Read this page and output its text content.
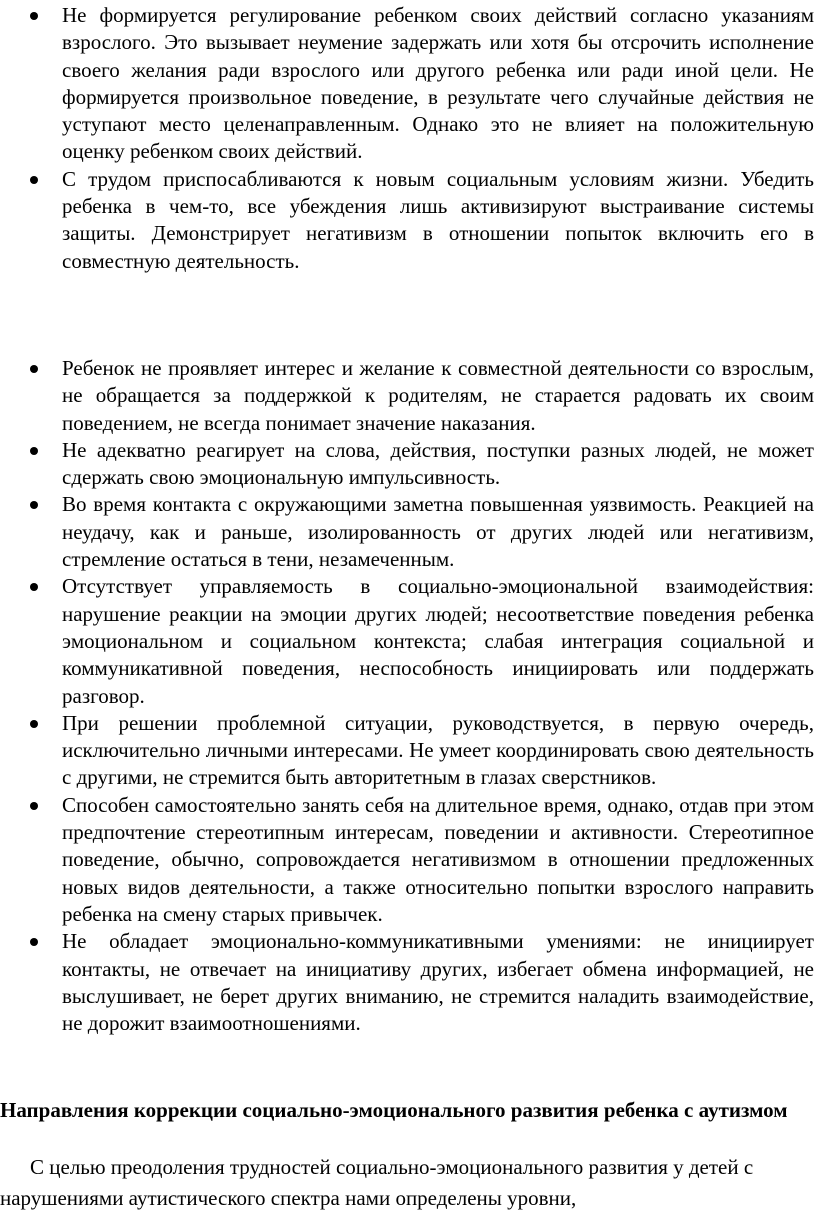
Не формируется регулирование ребенком своих действий согласно указаниям взрослого. Это вызывает неумение задержать или хотя бы отсрочить исполнение своего желания ради взрослого или другого ребенка или ради иной цели. Не формируется произвольное поведение, в результате чего случайные действия не уступают место целенаправленным. Однако это не влияет на положительную оценку ребенком своих действий.
С трудом приспосабливаются к новым социальным условиям жизни. Убедить ребенка в чем-то, все убеждения лишь активизируют выстраивание системы защиты. Демонстрирует негативизм в отношении попыток включить его в совместную деятельность.
Ребенок не проявляет интерес и желание к совместной деятельности со взрослым, не обращается за поддержкой к родителям, не старается радовать их своим поведением, не всегда понимает значение наказания.
Не адекватно реагирует на слова, действия, поступки разных людей, не может сдержать свою эмоциональную импульсивность.
Во время контакта с окружающими заметна повышенная уязвимость. Реакцией на неудачу, как и раньше, изолированность от других людей или негативизм, стремление остаться в тени, незамеченным.
Отсутствует управляемость в социально-эмоциональной взаимодействия: нарушение реакции на эмоции других людей; несоответствие поведения ребенка эмоциональном и социальном контекста; слабая интеграция социальной и коммуникативной поведения, неспособность инициировать или поддержать разговор.
При решении проблемной ситуации, руководствуется, в первую очередь, исключительно личными интересами. Не умеет координировать свою деятельность с другими, не стремится быть авторитетным в глазах сверстников.
Способен самостоятельно занять себя на длительное время, однако, отдав при этом предпочтение стереотипным интересам, поведении и активности. Стереотипное поведение, обычно, сопровождается негативизмом в отношении предложенных новых видов деятельности, а также относительно попытки взрослого направить ребенка на смену старых привычек.
Не обладает эмоционально-коммуникативными умениями: не инициирует контакты, не отвечает на инициативу других, избегает обмена информацией, не выслушивает, не берет других вниманию, не стремится наладить взаимодействие, не дорожит взаимоотношениями.
Направления коррекции социально-эмоционального развития ребенка с аутизмом

С целью преодоления трудностей социально-эмоционального развития у детей с нарушениями аутистического спектра нами определены уровни,
